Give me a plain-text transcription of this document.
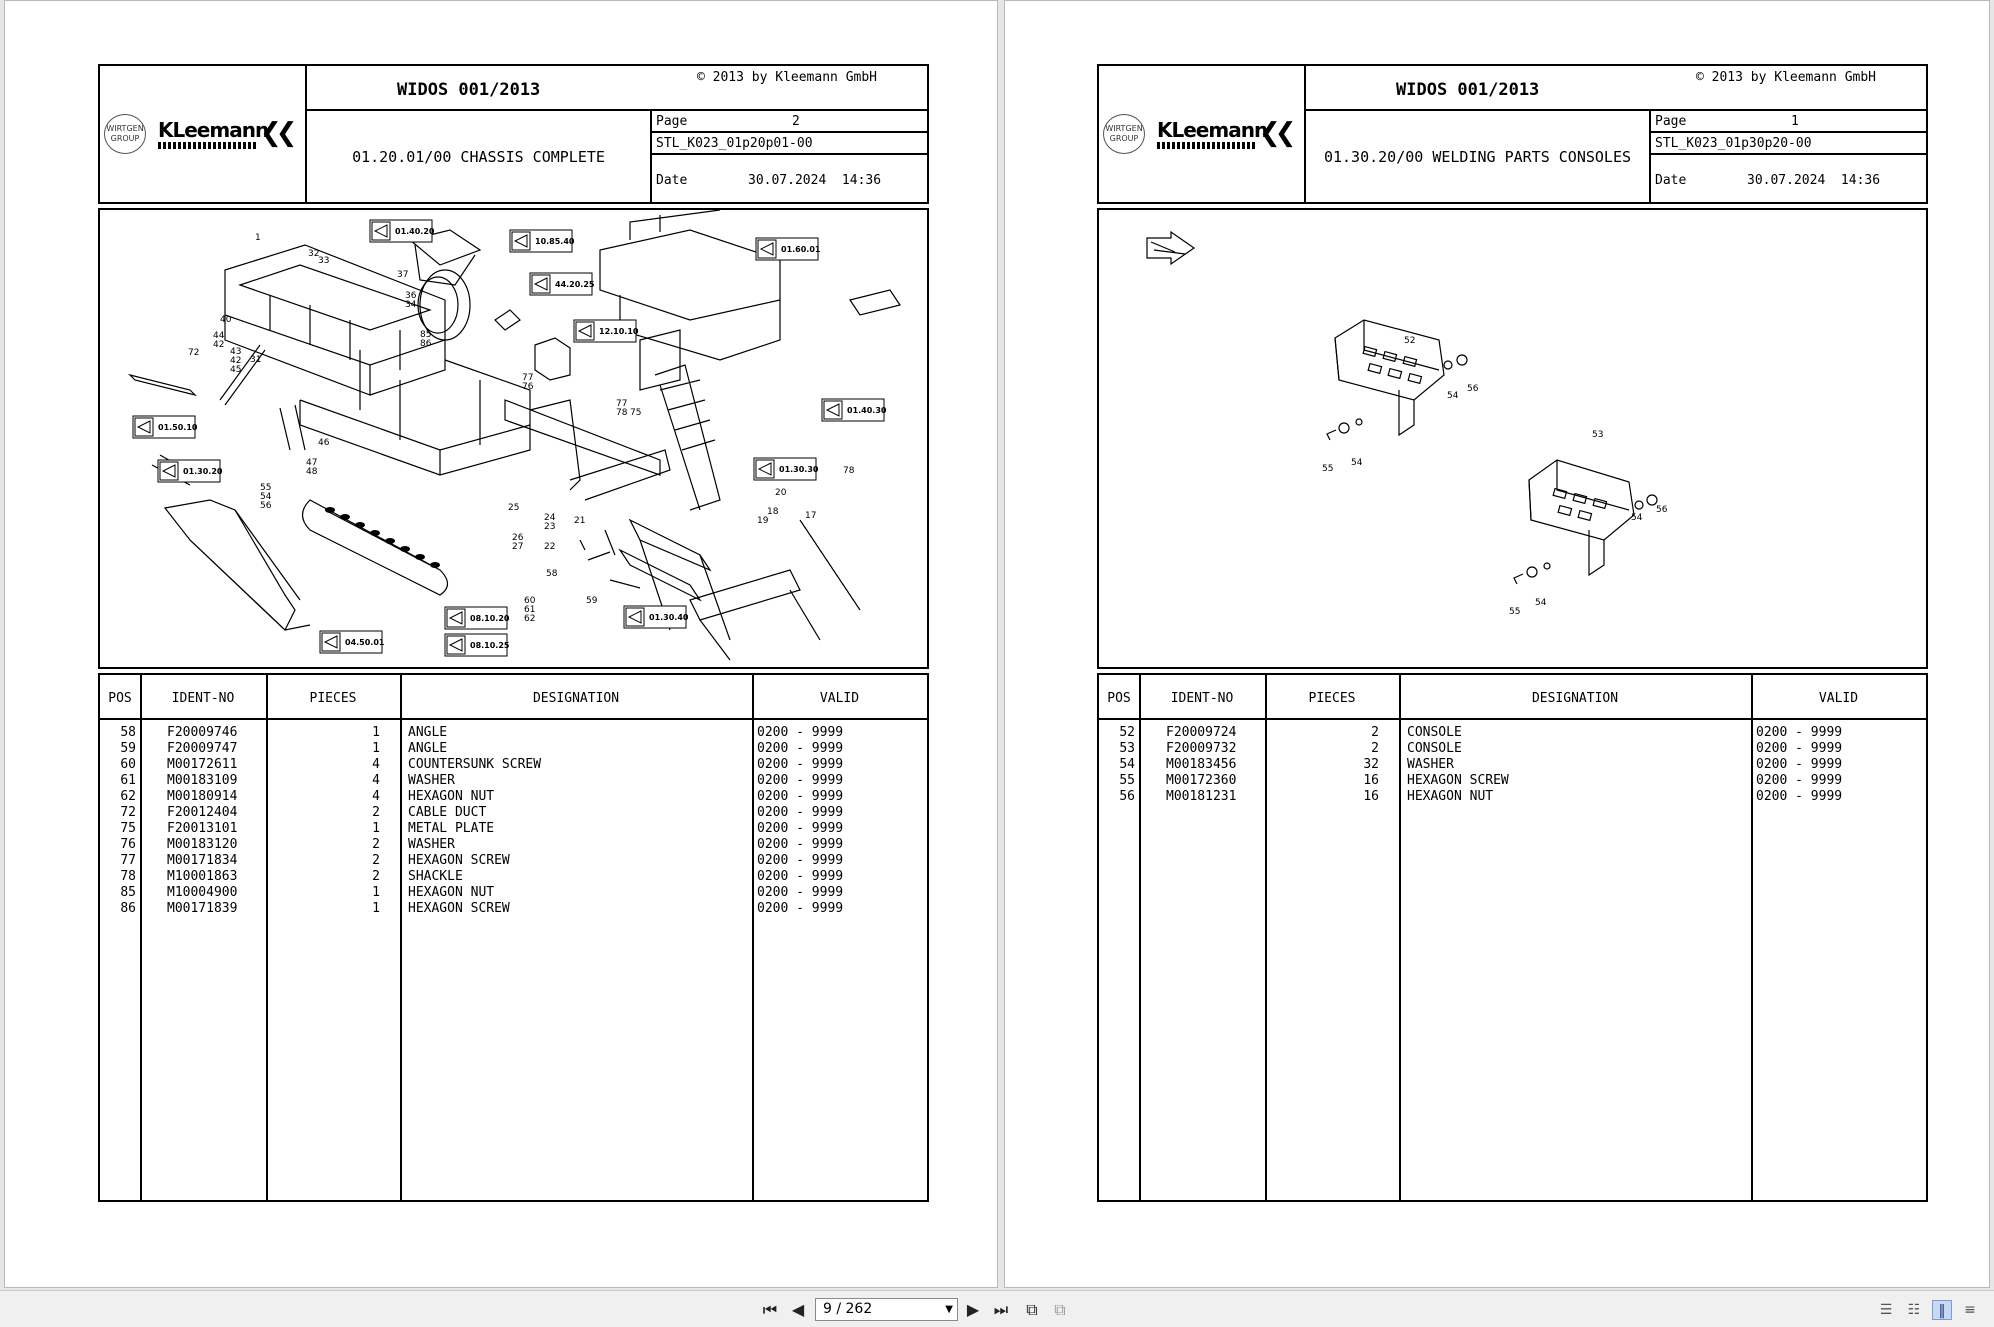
WIRTGEN
GROUP KLeemann
❮❮
WIDOS 001/2013
© 2013 by Kleemann GmbH
01.20.01/00 CHASSIS COMPLETE
Page	2
STL_K023_01p20p01-00
Date	30.07.2024  14:36
01.40.20
10.85.40
44.20.25
12.10.10
01.60.01
01.50.10
01.30.20
01.40.30
01.30.30
08.10.20
08.10.25
01.30.40
04.50.01
1
32
33
37
36
34
40
44
42
43
42
45
31
72
85
86
77
76
77
78 75
46
47
48
55
54
56	25
24
23
21
26
27 22
20
18
19	17
78
58
59
60
61
62
POS	IDENT-NO	PIECES	DESIGNATION	VALID
58 F20009746	1 ANGLE	0200 - 9999
59 F20009747	1 ANGLE	0200 - 9999
60 M00172611	4 COUNTERSUNK SCREW	0200 - 9999
61 M00183109	4 WASHER	0200 - 9999
62 M00180914	4 HEXAGON NUT	0200 - 9999
72 F20012404	2 CABLE DUCT	0200 - 9999
75 F20013101	1 METAL PLATE	0200 - 9999
76 M00183120	2 WASHER	0200 - 9999
77 M00171834	2 HEXAGON SCREW	0200 - 9999
78 M10001863	2 SHACKLE	0200 - 9999
85 M10004900	1 HEXAGON NUT	0200 - 9999
86 M00171839	1 HEXAGON SCREW	0200 - 9999
WIRTGEN
GROUP KLeemann
❮❮
WIDOS 001/2013
© 2013 by Kleemann GmbH
01.30.20/00 WELDING PARTS CONSOLES
Page	1
STL_K023_01p30p20-00
Date	30.07.2024  14:36
52
56
54
55
54
53
56
54
55
54
POS	IDENT-NO	PIECES	DESIGNATION	VALID
52 F20009724	2 CONSOLE	0200 - 9999
53 F20009732	2 CONSOLE	0200 - 9999
54 M00183456	32 WASHER	0200 - 9999
55 M00172360	16 HEXAGON SCREW	0200 - 9999
56 M00181231	16 HEXAGON NUT	0200 - 9999
⏮ ◀	9 / 262	▼ ▶ ⏭	⧉	⧉	☰ ☷	‖	≡
